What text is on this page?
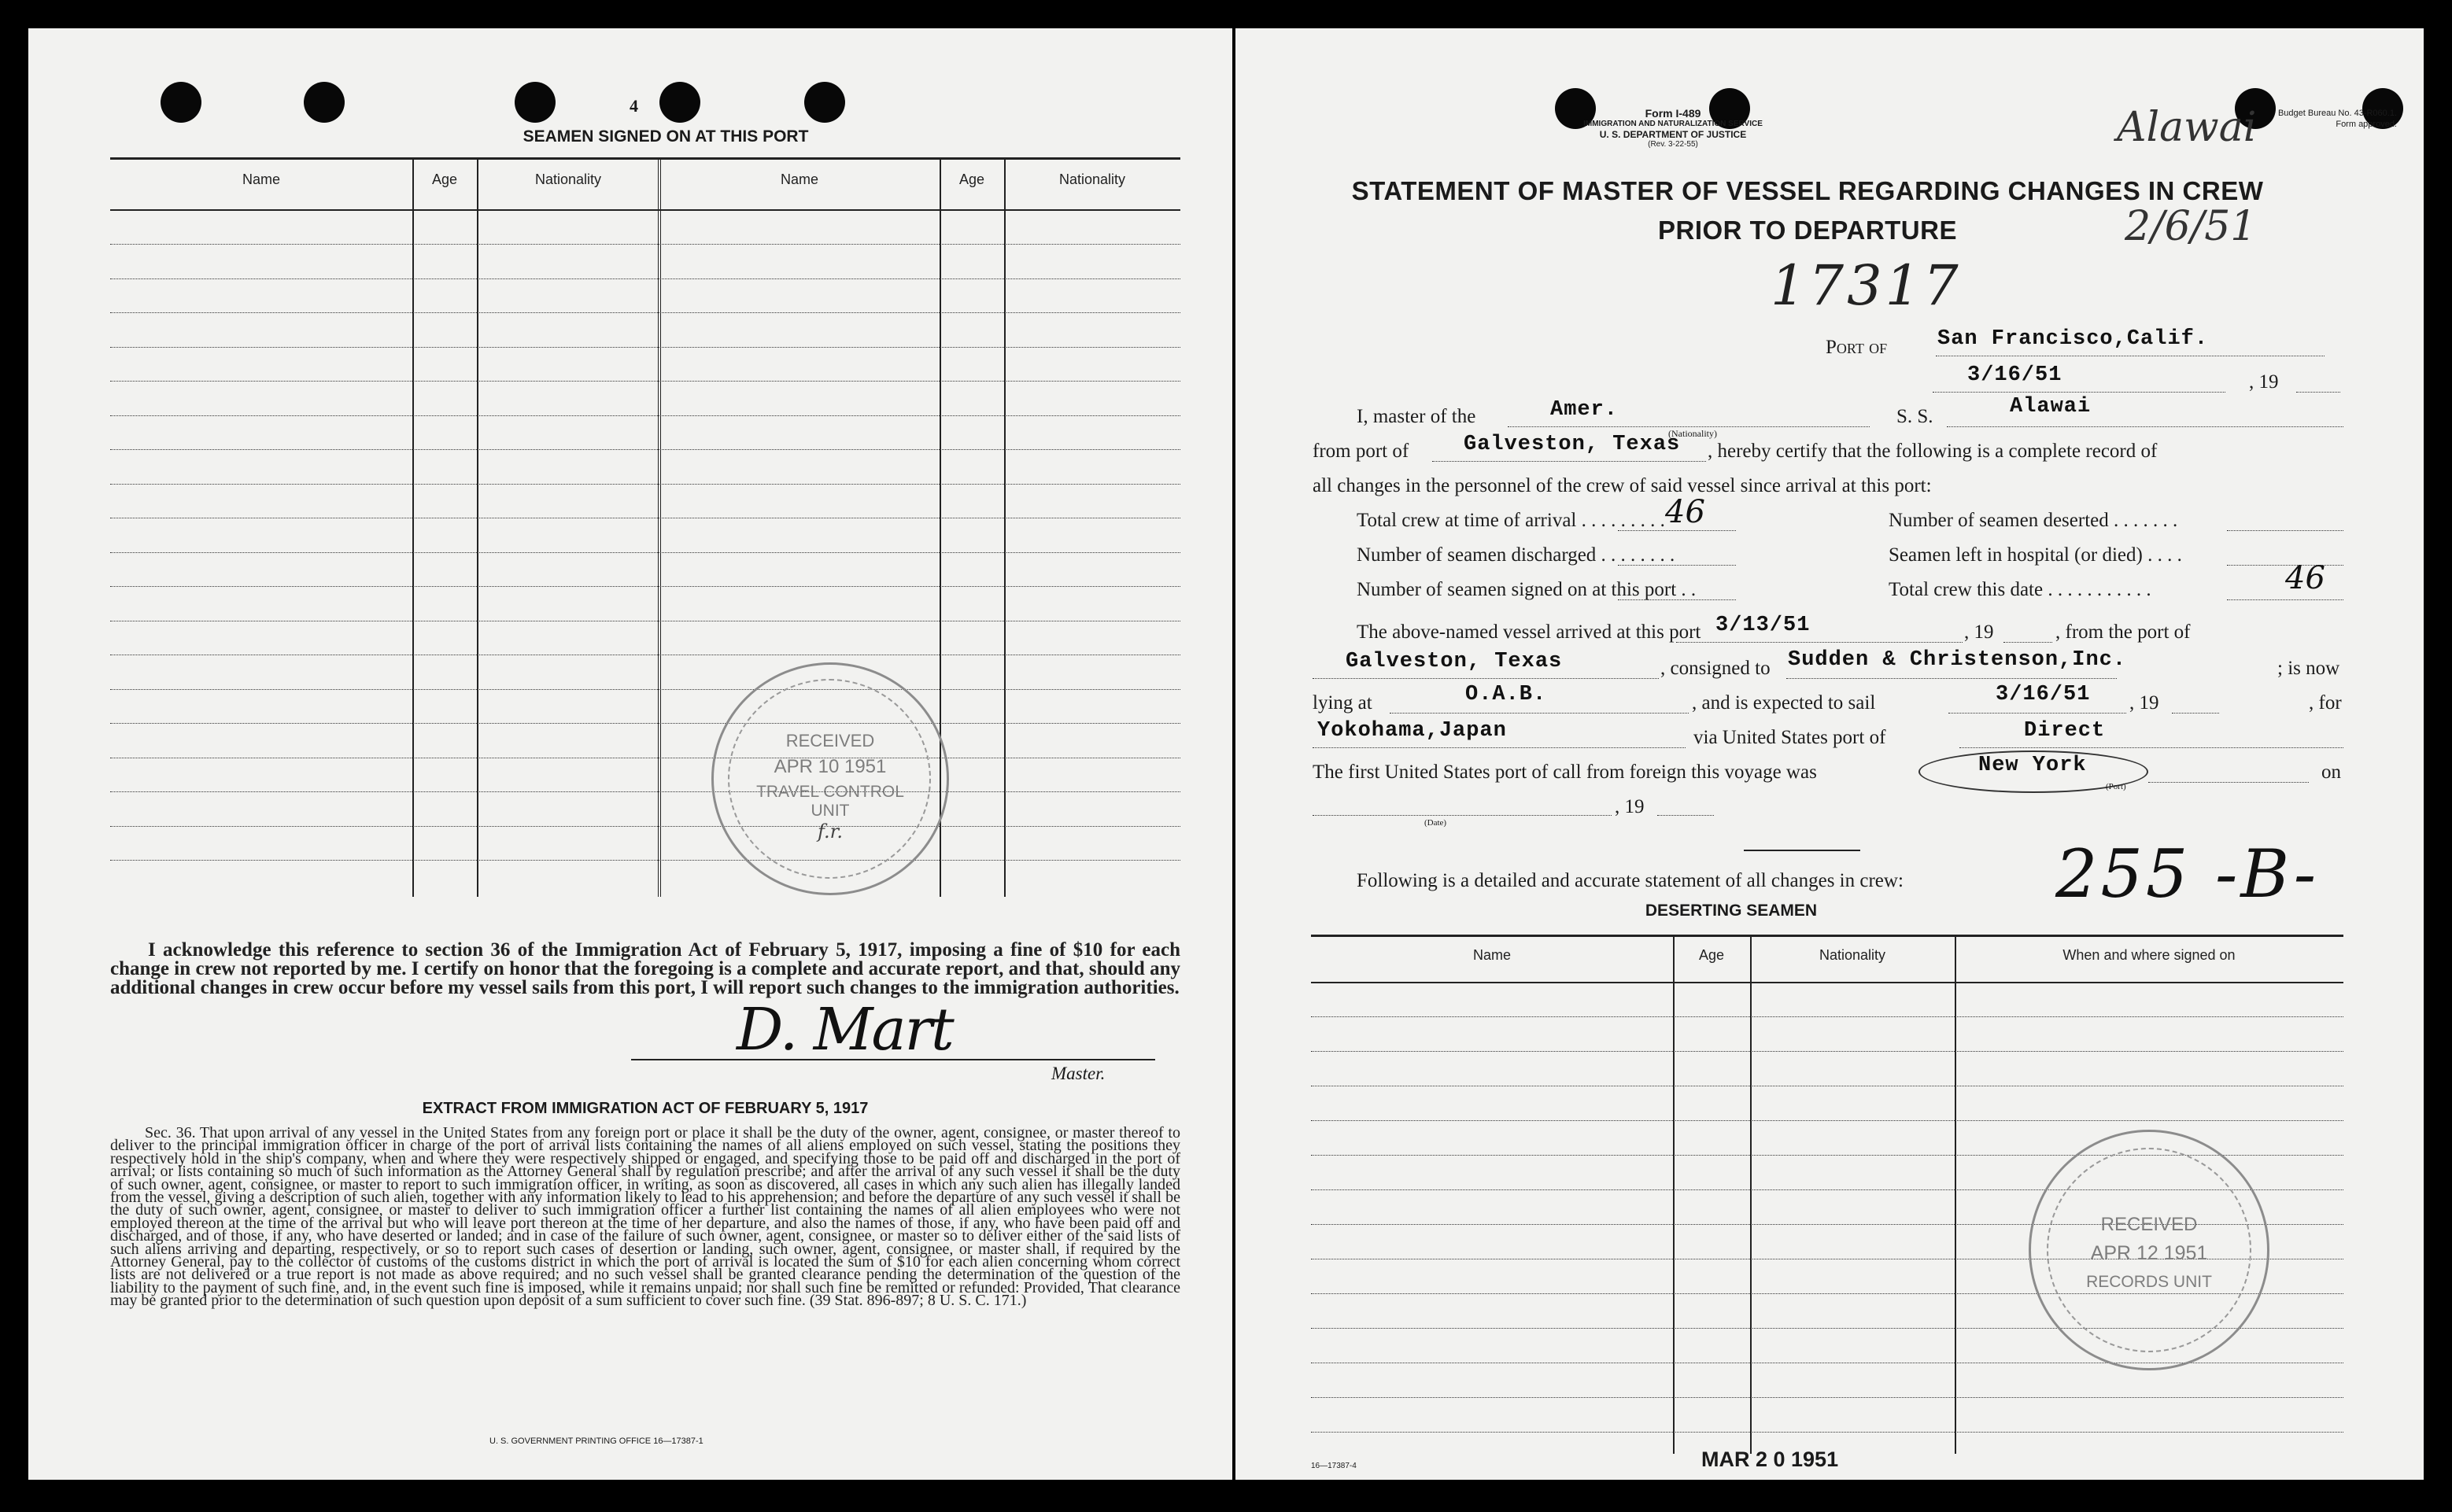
4
SEAMEN SIGNED ON AT THIS PORT
Name	Age	Nationality	Name	Age	Nationality
RECEIVED
APR 10 1951
TRAVEL CONTROL
UNIT
f.r.
I acknowledge this reference to section 36 of the Immigration Act of February 5, 1917, imposing a fine of $10 for each change in crew not reported by me. I certify on honor that the foregoing is a complete and accurate report, and that, should any additional changes in crew occur before my vessel sails from this port, I will report such changes to the immigration authorities.
D. Mart
Master.
EXTRACT FROM IMMIGRATION ACT OF FEBRUARY 5, 1917
Sec. 36. That upon arrival of any vessel in the United States from any foreign port or place it shall be the duty of the owner, agent, consignee, or master thereof to deliver to the principal immigration officer in charge of the port of arrival lists containing the names of all aliens employed on such vessel, stating the positions they respectively hold in the ship's company, when and where they were respectively shipped or engaged, and specifying those to be paid off and discharged in the port of arrival; or lists containing so much of such information as the Attorney General shall by regulation prescribe; and after the arrival of any such vessel it shall be the duty of such owner, agent, consignee, or master to report to such immigration officer, in writing, as soon as discovered, all cases in which any such alien has illegally landed from the vessel, giving a description of such alien, together with any information likely to lead to his apprehension; and before the departure of any such vessel it shall be the duty of such owner, agent, consignee, or master to deliver to such immigration officer a further list containing the names of all alien employees who were not employed thereon at the time of the arrival but who will leave port thereon at the time of her departure, and also the names of those, if any, who have been paid off and discharged, and of those, if any, who have deserted or landed; and in case of the failure of such owner, agent, consignee, or master so to deliver either of the said lists of such aliens arriving and departing, respectively, or so to report such cases of desertion or landing, such owner, agent, consignee, or master shall, if required by the Attorney General, pay to the collector of customs of the customs district in which the port of arrival is located the sum of $10 for each alien concerning whom correct lists are not delivered or a true report is not made as above required; and no such vessel shall be granted clearance pending the determination of the question of the liability to the payment of such fine, and, in the event such fine is imposed, while it remains unpaid; nor shall such fine be remitted or refunded: Provided, That clearance may be granted prior to the determination of such question upon deposit of a sum sufficient to cover such fine. (39 Stat. 896-897; 8 U. S. C. 171.)
U. S. GOVERNMENT PRINTING OFFICE 16—17387-1
Form I-489
IMMIGRATION AND NATURALIZATION SERVICE
U. S. DEPARTMENT OF JUSTICE
(Rev. 3-22-55)
Budget Bureau No. 43-R060.1.
Form approved.
Alawai
2/6/51
STATEMENT OF MASTER OF VESSEL REGARDING CHANGES IN CREW
PRIOR TO DEPARTURE
17317
Port of San Francisco,Calif.
3/16/51	, 19
I, master of the	Amer.
(Nationality)
S. S.	Alawai
from port of	Galveston, Texas , hereby certify that the following is a complete record of
all changes in the personnel of the crew of said vessel since arrival at this port:
Total crew at time of arrival . . . . . . . . . 46	Number of seamen deserted . . . . . . .
Number of seamen discharged . . . . . . . .	Seamen left in hospital (or died) . . . .
Number of seamen signed on at this port . .	Total crew this date . . . . . . . . . . .	46
The above-named vessel arrived at this port 3/13/51	, 19	, from the port of
Galveston, Texas	, consigned to Sudden & Christenson,Inc.	; is now
lying at	O.A.B.	, and is expected to sail	3/16/51 , 19	, for
Yokohama,Japan	via United States port of	Direct
The first United States port of call from foreign this voyage was	New York
(Port)
on
(Date)
, 19
Following is a detailed and accurate statement of all changes in crew: 255 -B-
DESERTING SEAMEN
Name	Age	Nationality	When and where signed on
RECEIVED
APR 12 1951
RECORDS UNIT
16—17387-4	MAR 2 0 1951
